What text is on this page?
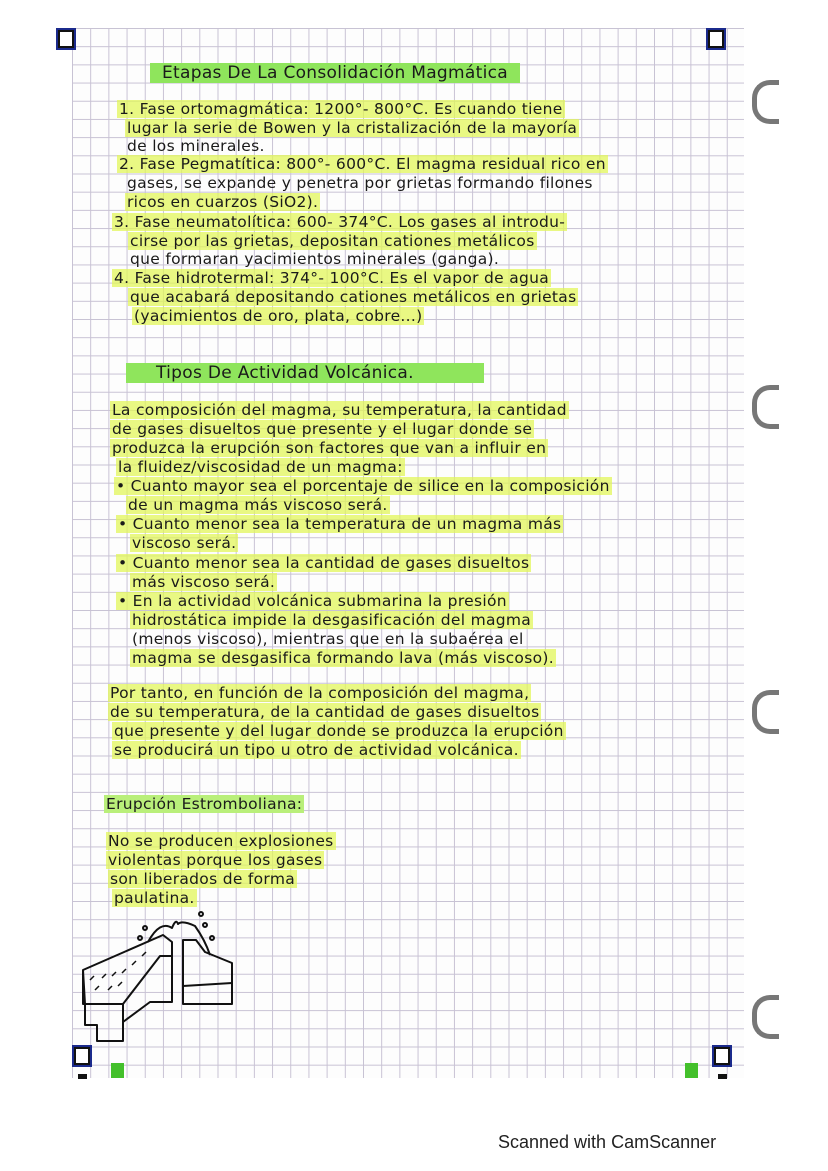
Etapas De La Consolidación Magmática
1. Fase ortomagmática: 1200°- 800°C. Es cuando tiene
lugar la serie de Bowen y la cristalización de la mayoría
de los minerales.
2. Fase Pegmatítica: 800°- 600°C. El magma residual rico en
gases, se expande y penetra por grietas formando filones
ricos en cuarzos (SiO2).
3. Fase neumatolítica: 600- 374°C. Los gases al introdu-
cirse por las grietas, depositan cationes metálicos
que formaran yacimientos minerales (ganga).
4. Fase hidrotermal: 374°- 100°C. Es el vapor de agua
que acabará depositando cationes metálicos en grietas
(yacimientos de oro, plata, cobre...)
Tipos De Actividad Volcánica.
La composición del magma, su temperatura, la cantidad
de gases disueltos que presente y el lugar donde se
produzca la erupción son factores que van a influir en
la fluidez/viscosidad de un magma:
• Cuanto mayor sea el porcentaje de silice en la composición
de un magma más viscoso será.
• Cuanto menor sea la temperatura de un magma más
viscoso será.
• Cuanto menor sea la cantidad de gases disueltos
más viscoso será.
• En la actividad volcánica submarina la presión
hidrostática impide la desgasificación del magma
(menos viscoso), mientras que en la subaérea el
magma se desgasifica formando lava (más viscoso).
Por tanto, en función de la composición del magma,
de su temperatura, de la cantidad de gases disueltos
que presente y del lugar donde se produzca la erupción
se producirá un tipo u otro de actividad volcánica.
Erupción Estromboliana:
No se producen explosiones
violentas porque los gases
son liberados de forma
paulatina.
Scanned with CamScanner
